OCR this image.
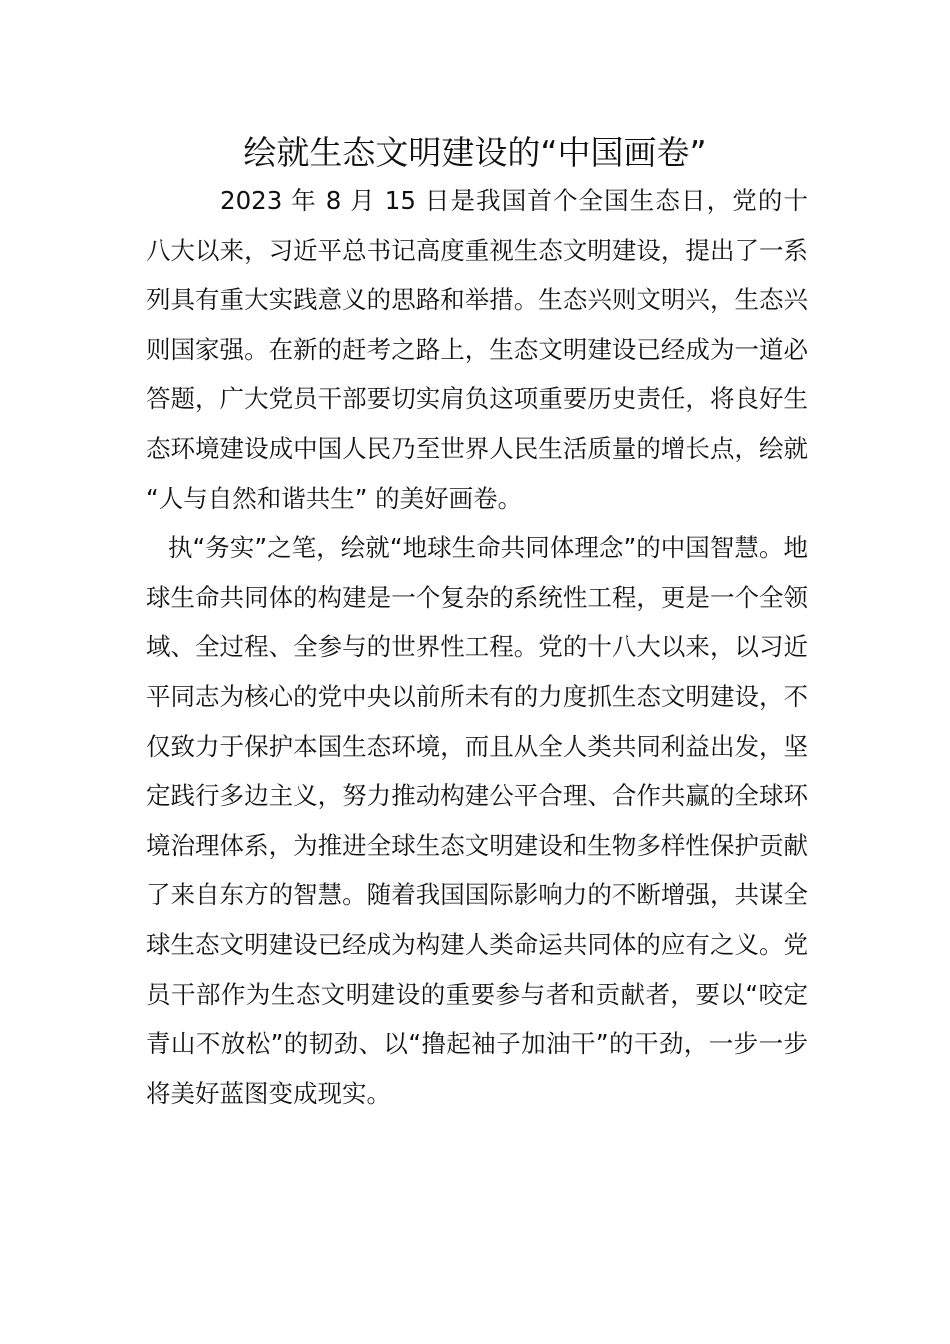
绘就生态文明建设的“中国画卷”

2023 年 8 月 15 日是我国首个全国生态日，党的十八大以来，习近平总书记高度重视生态文明建设，提出了一系列具有重大实践意义的思路和举措。生态兴则文明兴，生态兴则国家强。在新的赶考之路上，生态文明建设已经成为一道必答题，广大党员干部要切实肩负这项重要历史责任，将良好生态环境建设成中国人民乃至世界人民生活质量的增长点，绘就 “人与自然和谐共生” 的美好画卷。

执“务实”之笔，绘就“地球生命共同体理念”的中国智慧。地球生命共同体的构建是一个复杂的系统性工程，更是一个全领域、全过程、全参与的世界性工程。党的十八大以来，以习近平同志为核心的党中央以前所未有的力度抓生态文明建设，不仅致力于保护本国生态环境，而且从全人类共同利益出发，坚定践行多边主义，努力推动构建公平合理、合作共赢的全球环境治理体系，为推进全球生态文明建设和生物多样性保护贡献了来自东方的智慧。随着我国国际影响力的不断增强，共谋全球生态文明建设已经成为构建人类命运共同体的应有之义。党员干部作为生态文明建设的重要参与者和贡献者，要以“咬定青山不放松”的韧劲、以“撸起袖子加油干”的干劲，一步一步将美好蓝图变成现实。
